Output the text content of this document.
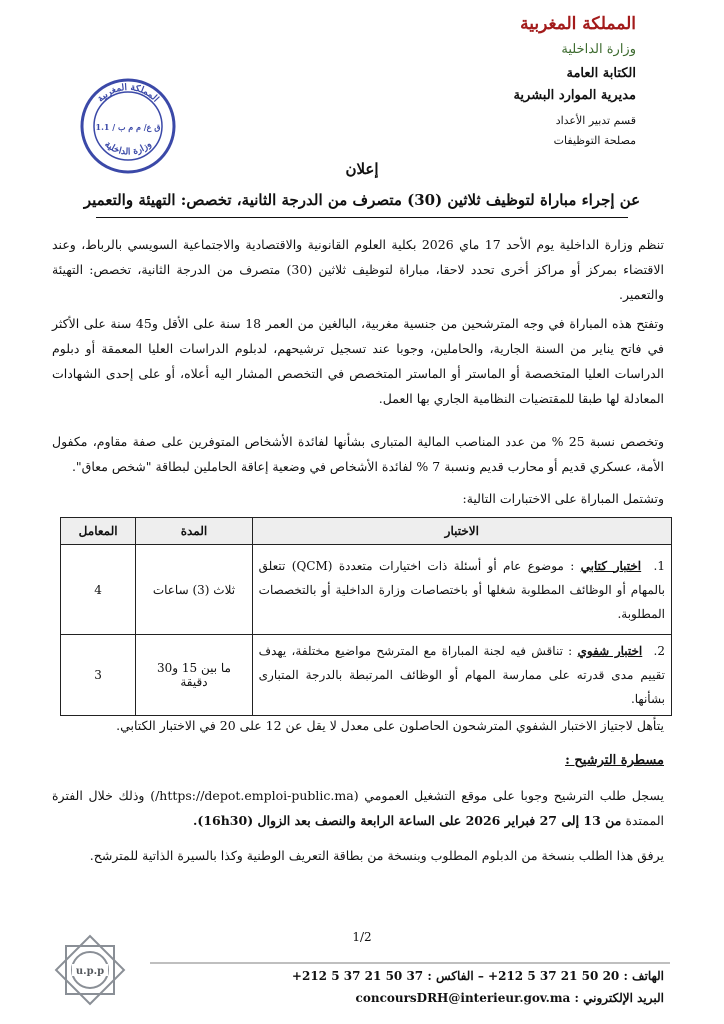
المملكة المغربية
وزارة الداخلية
الكتابة العامة
مديرية الموارد البشرية
قسم تدبير الأعداد
مصلحة التوظيفات
المملكة المغربية
وزارة الداخلية
ق ع/ م م ب / 1.1
إعلان
عن إجراء مباراة لتوظيف ثلاثين (30) متصرف من الدرجة الثانية، تخصص: التهيئة والتعمير
تنظم وزارة الداخلية يوم الأحد 17 ماي 2026 بكلية العلوم القانونية والاقتصادية والاجتماعية السويسي بالرباط، وعند الاقتضاء بمركز أو مراكز أخرى تحدد لاحقا، مباراة لتوظيف ثلاثين (30) متصرف من الدرجة الثانية، تخصص: التهيئة والتعمير.
وتفتح هذه المباراة في وجه المترشحين من جنسية مغربية، البالغين من العمر 18 سنة على الأقل و45 سنة على الأكثر في فاتح يناير من السنة الجارية، والحاملين، وجوبا عند تسجيل ترشيحهم، لدبلوم الدراسات العليا المعمقة أو دبلوم الدراسات العليا المتخصصة أو الماستر أو الماستر المتخصص في التخصص المشار اليه أعلاه، أو على إحدى الشهادات المعادلة لها طبقا للمقتضيات النظامية الجاري بها العمل.
وتخصص نسبة 25 % من عدد المناصب المالية المتبارى بشأنها لفائدة الأشخاص المتوفرين على صفة مقاوم، مكفول الأمة، عسكري قديم أو محارب قديم ونسبة 7 % لفائدة الأشخاص في وضعية إعاقة الحاملين لبطاقة "شخص معاق".
وتشتمل المباراة على الاختبارات التالية:
الاختبار	المدة	المعامل
1. اختبار كتابي : موضوع عام أو أسئلة ذات اختيارات متعددة (QCM) تتعلق بالمهام أو الوظائف المطلوبة شغلها أو باختصاصات وزارة الداخلية أو بالتخصصات المطلوبة.	ثلاث (3) ساعات	4
2. اختبار شفوي : تناقش فيه لجنة المباراة مع المترشح مواضيع مختلفة، يهدف تقييم مدى قدرته على ممارسة المهام أو الوظائف المرتبطة بالدرجة المتبارى بشأنها.	ما بين 15 و30 دقيقة	3
يتأهل لاجتياز الاختبار الشفوي المترشحون الحاصلون على معدل لا يقل عن 12 على 20 في الاختبار الكتابي.
مسطرة الترشيح :
يسجل طلب الترشيح وجوبا على موقع التشغيل العمومي (https://depot.emploi-public.ma/) وذلك خلال الفترة الممتدة من 13 إلى 27 فبراير 2026 على الساعة الرابعة والنصف بعد الزوال (16h30).
يرفق هذا الطلب بنسخة من الدبلوم المطلوب وبنسخة من بطاقة التعريف الوطنية وكذا بالسيرة الذاتية للمترشح.
1/2
u.p.p	الهاتف : 20 50 21 37 5 212+ – الفاكس : 37 50 21 37 5 212+
البريد الإلكتروني : concoursDRH@interieur.gov.ma
